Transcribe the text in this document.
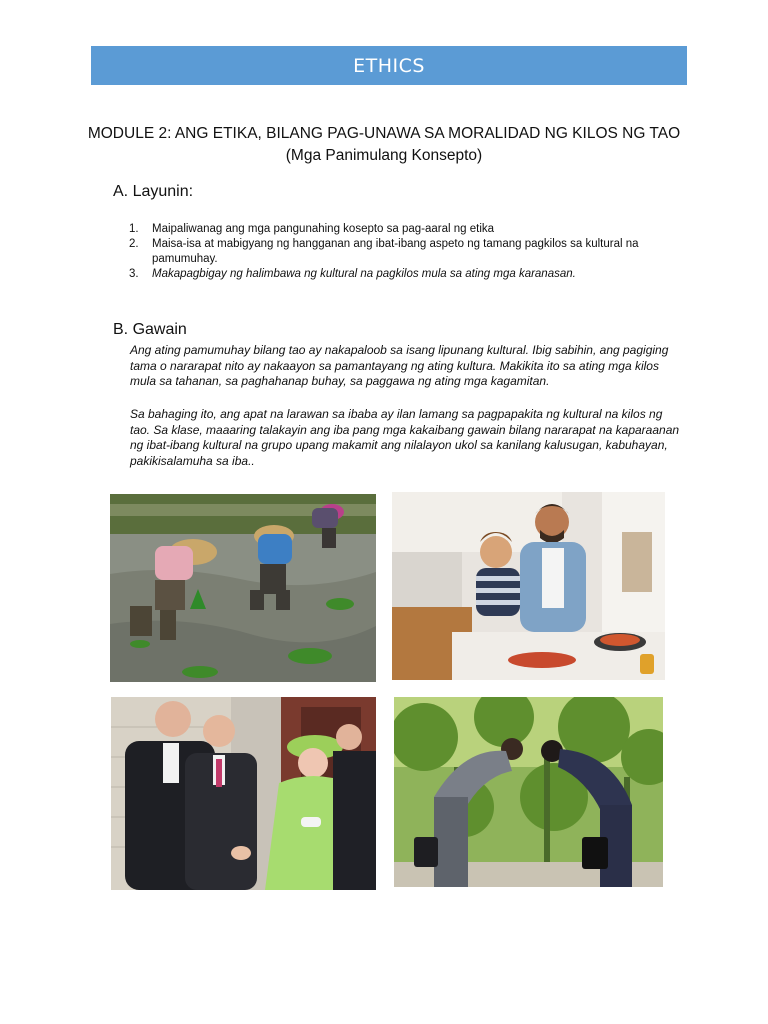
ETHICS
MODULE 2: ANG ETIKA, BILANG PAG-UNAWA SA MORALIDAD NG KILOS NG TAO
(Mga Panimulang Konsepto)
A. Layunin:
1. Maipaliwanag ang mga pangunahing kosepto sa pag-aaral ng etika
2. Maisa-isa at mabigyang ng hangganan ang ibat-ibang aspeto ng tamang pagkilos sa kultural na pamumuhay.
3. Makapagbigay ng halimbawa ng kultural na pagkilos mula sa ating mga karanasan.
B. Gawain

Ang ating pamumuhay bilang tao ay nakapaloob sa isang lipunang kultural. Ibig sabihin, ang pagiging tama o nararapat nito ay nakaayon sa pamantayang ng ating kultura. Makikita ito sa ating mga kilos mula sa tahanan, sa paghahanap buhay, sa paggawa ng ating mga kagamitan.

Sa bahaging ito, ang apat na larawan sa ibaba ay ilan lamang sa pagpapakita ng kultural na kilos ng tao. Sa klase, maaaring talakayin ang iba pang mga kakaibang gawain bilang nararapat na kaparaanan ng ibat-ibang kultural na grupo upang makamit ang nilalayon ukol sa kanilang kalusugan, kabuhayan, pakikisalamuha sa iba..
